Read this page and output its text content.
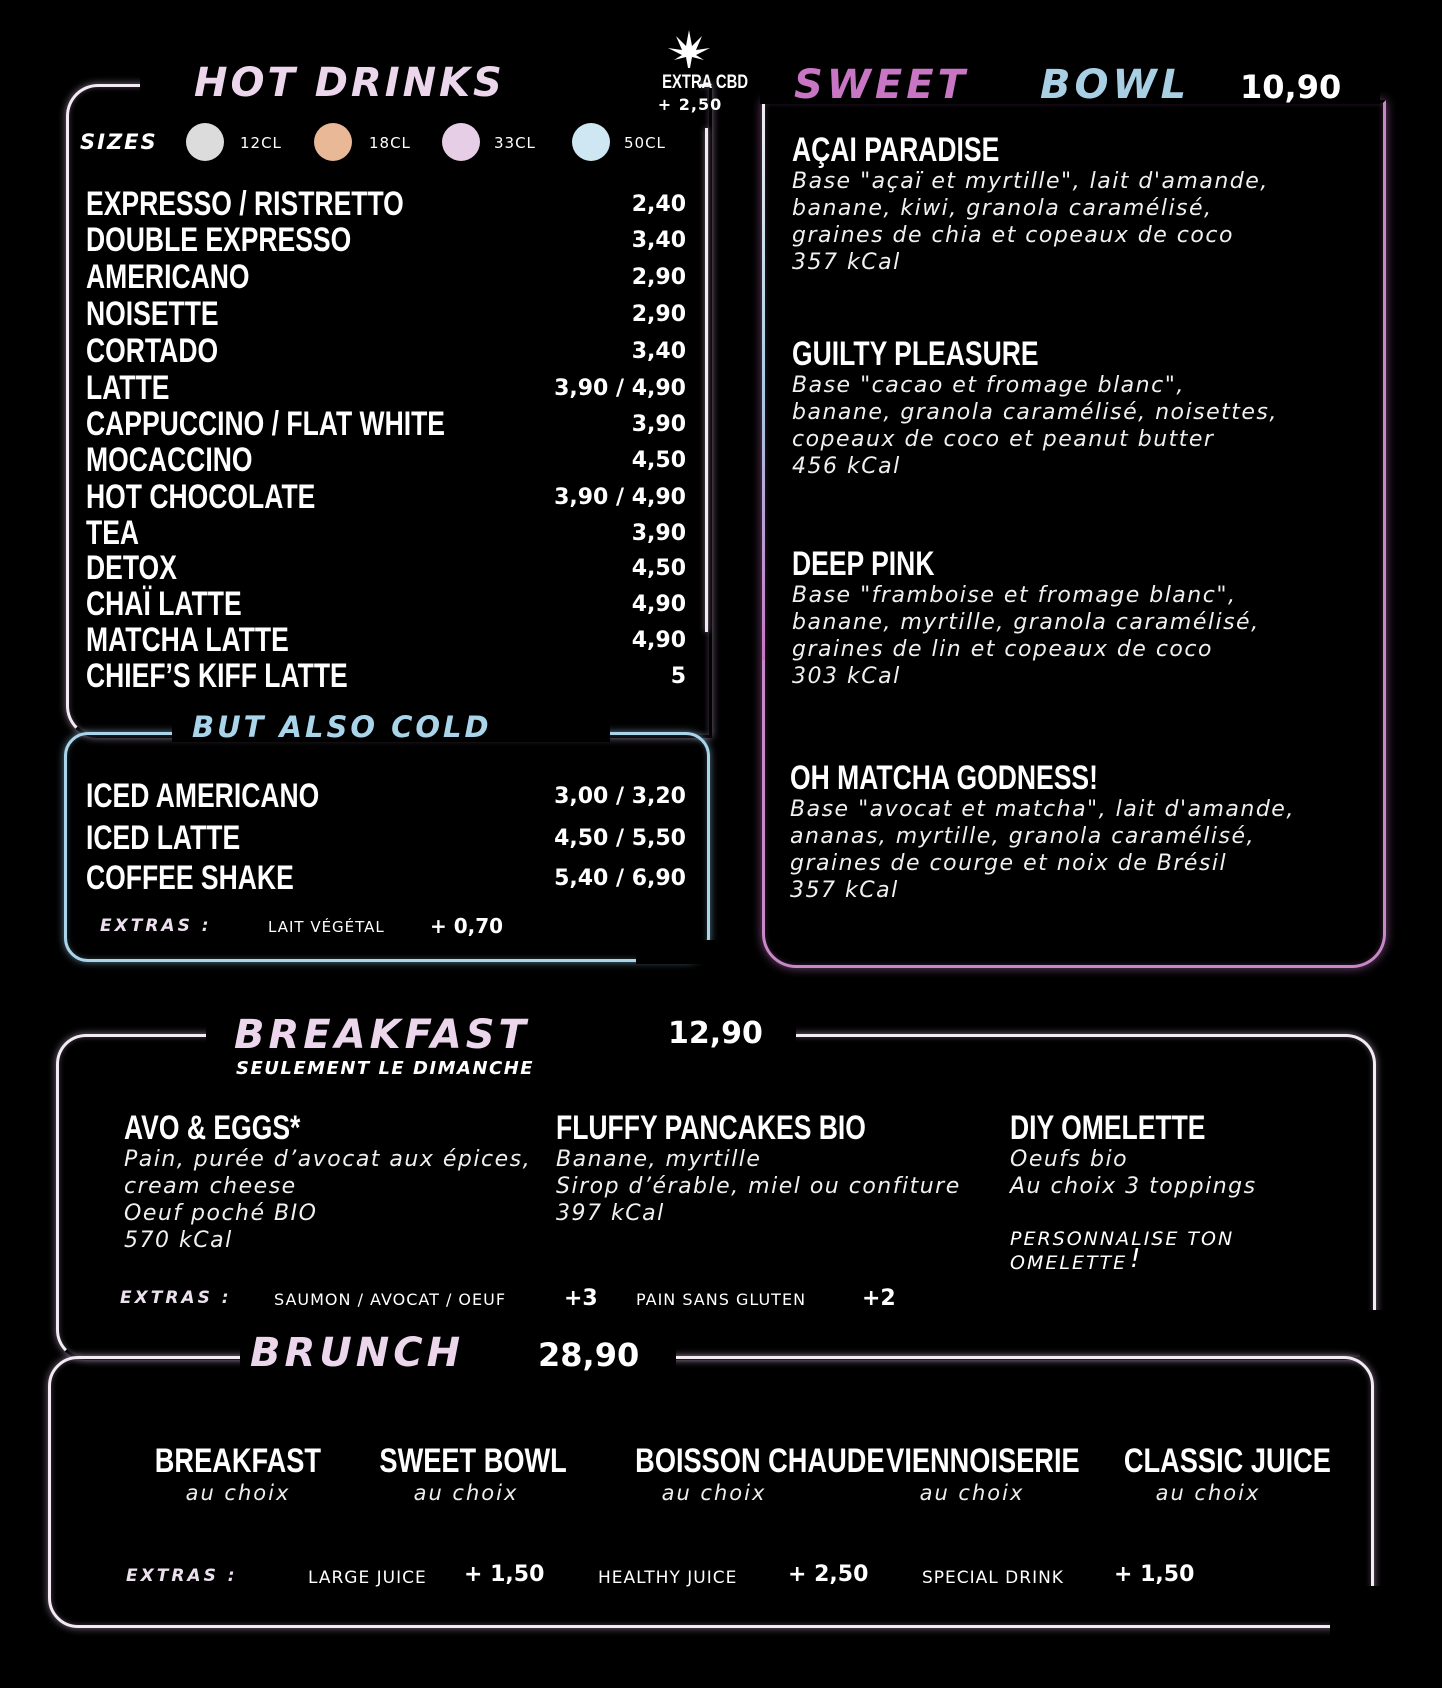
HOT DRINKS	EXTRA CBD
+ 2,50
SIZES	12CL	18CL	33CL	50CL
EXPRESSO / RISTRETTO	2,40
DOUBLE EXPRESSO	3,40
AMERICANO	2,90
NOISETTE	2,90
CORTADO	3,40
LATTE	3,90 / 4,90
CAPPUCCINO / FLAT WHITE	3,90
MOCACCINO	4,50
HOT CHOCOLATE	3,90 / 4,90
TEA	3,90
DETOX	4,50
CHAÏ LATTE	4,90
MATCHA LATTE	4,90
CHIEF’S KIFF LATTE	5
BUT ALSO COLD
ICED AMERICANO	3,00 / 3,20
ICED LATTE	4,50 / 5,50
COFFEE SHAKE	5,40 / 6,90
EXTRAS :	LAIT VÉGÉTAL + 0,70
SWEET BOWL 10,90
AÇAI PARADISE
Base "açaï et myrtille", lait d'amande,
banane, kiwi, granola caramélisé,
graines de chia et copeaux de coco
357 kCal
GUILTY PLEASURE
Base "cacao et fromage blanc",
banane, granola caramélisé, noisettes,
copeaux de coco et peanut butter
456 kCal
DEEP PINK
Base "framboise et fromage blanc",
banane, myrtille, granola caramélisé,
graines de lin et copeaux de coco
303 kCal
OH MATCHA GODNESS!
Base "avocat et matcha", lait d'amande,
ananas, myrtille, granola caramélisé,
graines de courge et noix de Brésil
357 kCal
BREAKFAST	12,90
SEULEMENT LE DIMANCHE
AVO & EGGS*
Pain, purée d’avocat aux épices,
cream cheese
Oeuf poché BIO
570 kCal
FLUFFY PANCAKES BIO
Banane, myrtille
Sirop d’érable, miel ou confiture
397 kCal
DIY OMELETTE
Oeufs bio
Au choix 3 toppings
PERSONNALISE TON
OMELETTE !
EXTRAS :	SAUMON / AVOCAT / OEUF	+3 PAIN SANS GLUTEN	+2
BRUNCH 28,90
BREAKFAST
au choix
SWEET BOWL
au choix
BOISSON CHAUDE
au choix
VIENNOISERIE
au choix
CLASSIC JUICE
au choix
EXTRAS :	LARGE JUICE + 1,50	HEALTHY JUICE + 2,50	SPECIAL DRINK + 1,50
